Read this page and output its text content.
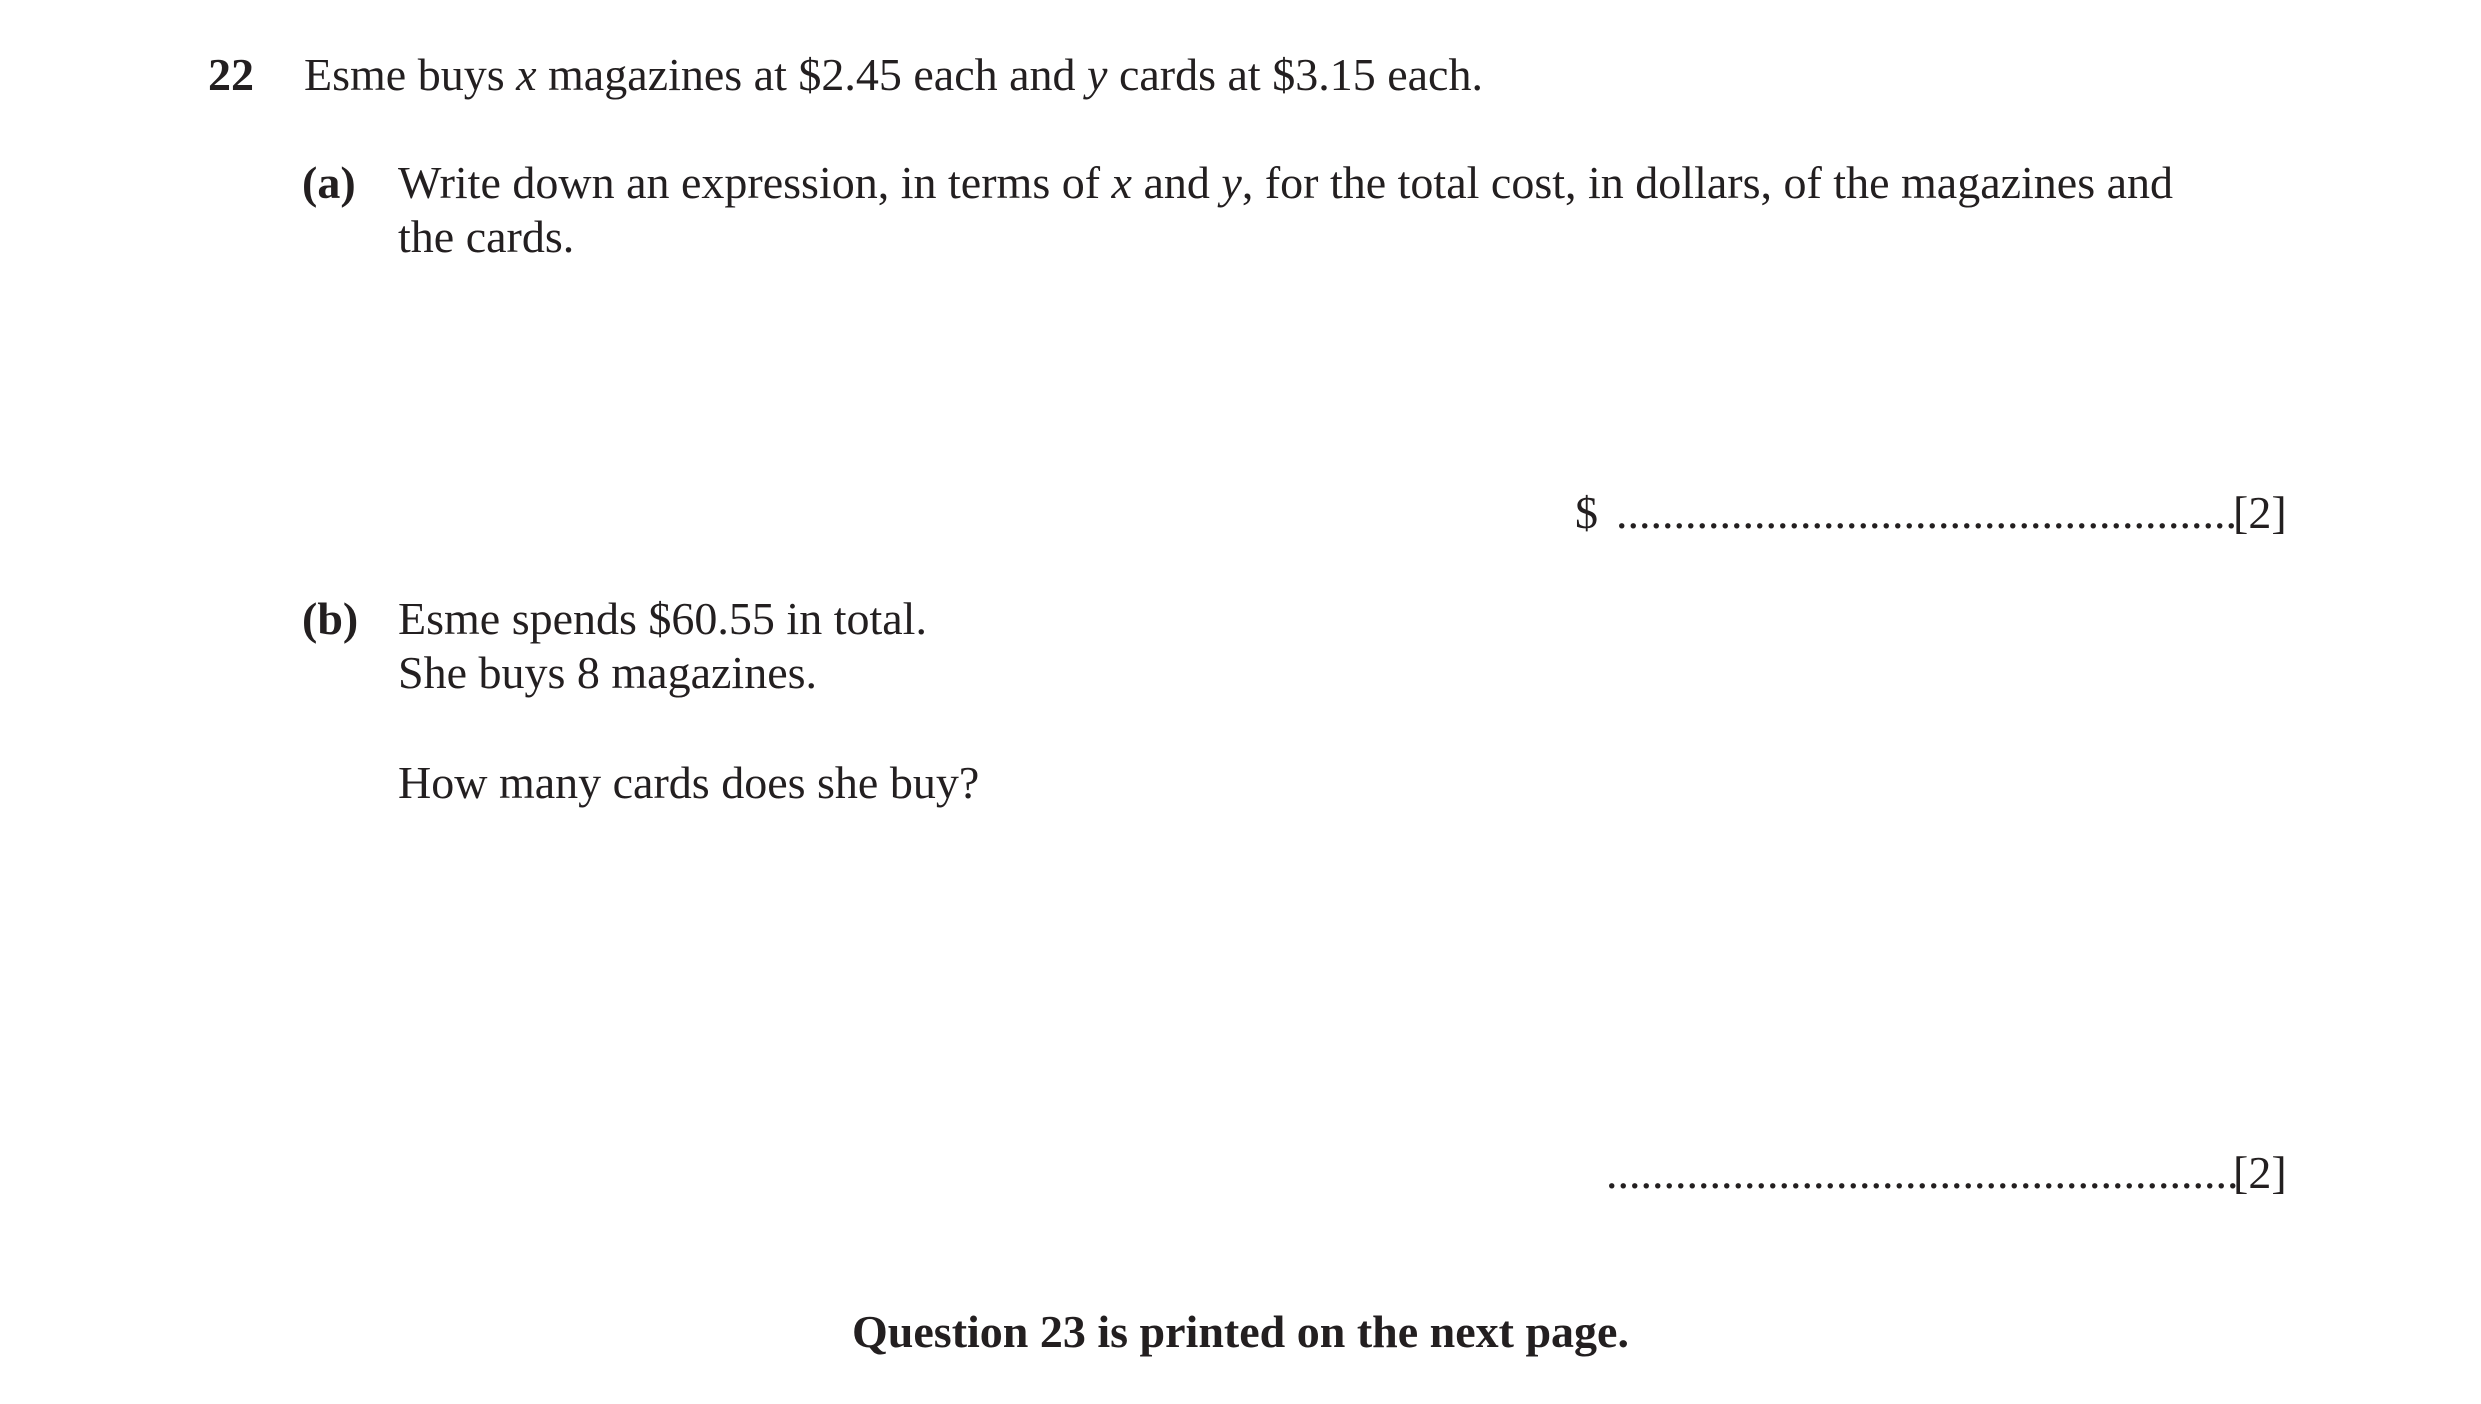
22 Esme buys x magazines at $2.45 each and y cards at $3.15 each.
(a) Write down an expression, in terms of x and y, for the total cost, in dollars, of the magazines and
the cards.
$ ......................................................
[2]
(b) Esme spends $60.55 in total.
She buys 8 magazines.
How many cards does she buy?
.......................................................
[2]
Question 23 is printed on the next page.
